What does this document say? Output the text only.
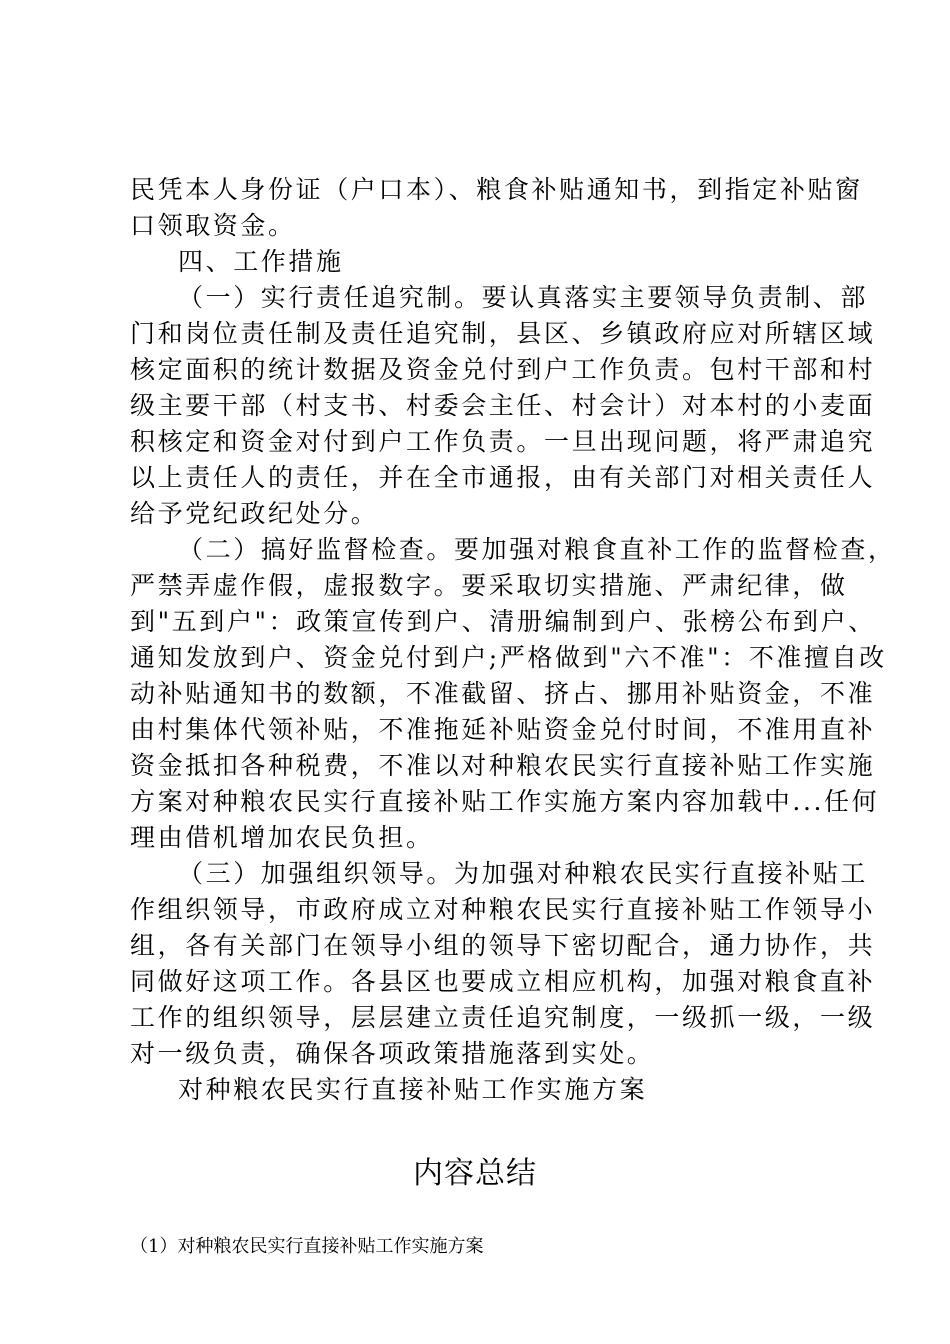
民凭本人身份证（户口本）、粮食补贴通知书，到指定补贴窗
口领取资金。
四、工作措施
（一）实行责任追究制。要认真落实主要领导负责制、部
门和岗位责任制及责任追究制，县区、乡镇政府应对所辖区域
核定面积的统计数据及资金兑付到户工作负责。包村干部和村
级主要干部（村支书、村委会主任、村会计）对本村的小麦面
积核定和资金对付到户工作负责。一旦出现问题，将严肃追究
以上责任人的责任，并在全市通报，由有关部门对相关责任人
给予党纪政纪处分。
（二）搞好监督检查。要加强对粮食直补工作的监督检查，
严禁弄虚作假，虚报数字。要采取切实措施、严肃纪律，做
到"五到户"：政策宣传到户、清册编制到户、张榜公布到户、
通知发放到户、资金兑付到户;严格做到"六不准"：不准擅自改
动补贴通知书的数额，不准截留、挤占、挪用补贴资金，不准
由村集体代领补贴，不准拖延补贴资金兑付时间，不准用直补
资金抵扣各种税费，不准以对种粮农民实行直接补贴工作实施
方案对种粮农民实行直接补贴工作实施方案内容加载中...任何
理由借机增加农民负担。
（三）加强组织领导。为加强对种粮农民实行直接补贴工
作组织领导，市政府成立对种粮农民实行直接补贴工作领导小
组，各有关部门在领导小组的领导下密切配合，通力协作，共
同做好这项工作。各县区也要成立相应机构，加强对粮食直补
工作的组织领导，层层建立责任追究制度，一级抓一级，一级
对一级负责，确保各项政策措施落到实处。
对种粮农民实行直接补贴工作实施方案
内容总结
（1）对种粮农民实行直接补贴工作实施方案
